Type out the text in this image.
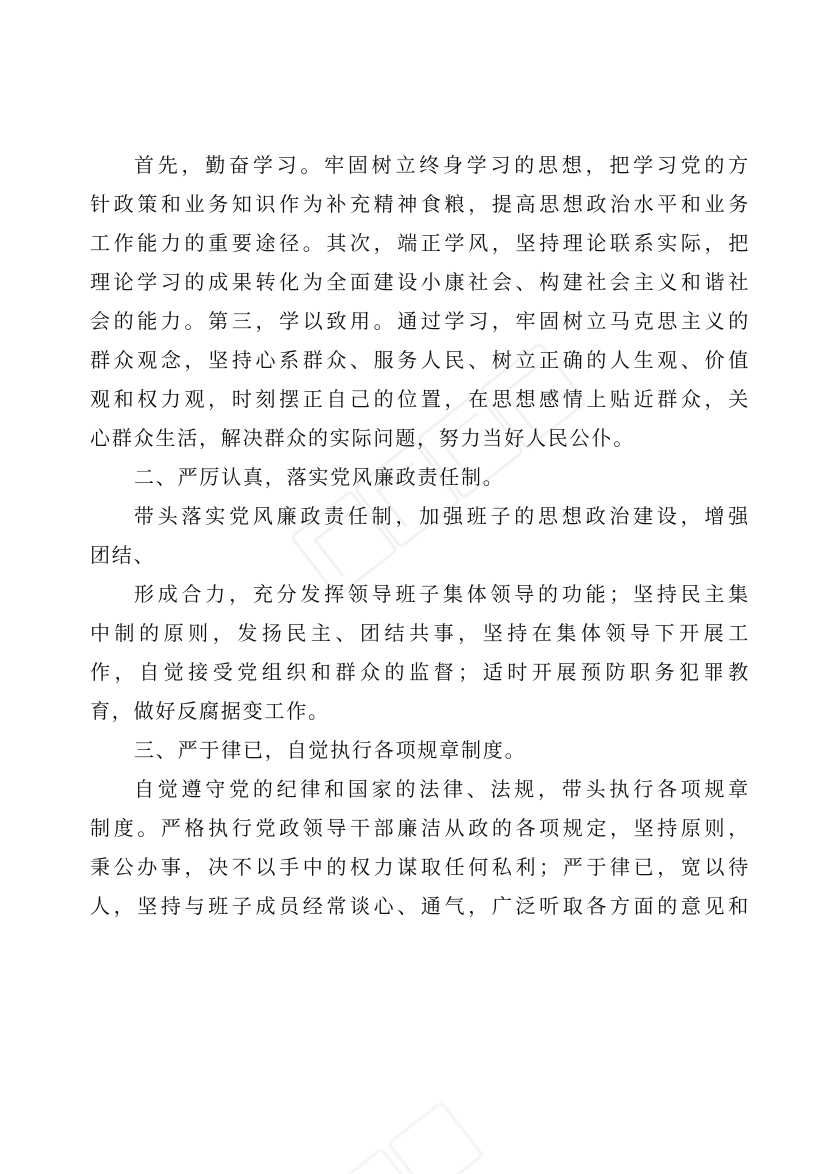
首先，勤奋学习。牢固树立终身学习的思想，把学习党的方
针政策和业务知识作为补充精神食粮，提高思想政治水平和业务
工作能力的重要途径。其次，端正学风，坚持理论联系实际，把
理论学习的成果转化为全面建设小康社会、构建社会主义和谐社
会的能力。第三，学以致用。通过学习，牢固树立马克思主义的
群众观念，坚持心系群众、服务人民、树立正确的人生观、价值
观和权力观，时刻摆正自己的位置，在思想感情上贴近群众，关
心群众生活，解决群众的实际问题，努力当好人民公仆。
二、严厉认真，落实党风廉政责任制。
带头落实党风廉政责任制，加强班子的思想政治建设，增强
团结、
形成合力，充分发挥领导班子集体领导的功能；坚持民主集
中制的原则，发扬民主、团结共事，坚持在集体领导下开展工
作，自觉接受党组织和群众的监督；适时开展预防职务犯罪教
育，做好反腐据变工作。
三、严于律已，自觉执行各项规章制度。
自觉遵守党的纪律和国家的法律、法规，带头执行各项规章
制度。严格执行党政领导干部廉洁从政的各项规定，坚持原则，
秉公办事，决不以手中的权力谋取任何私利；严于律已，宽以待
人，坚持与班子成员经常谈心、通气，广泛听取各方面的意见和
